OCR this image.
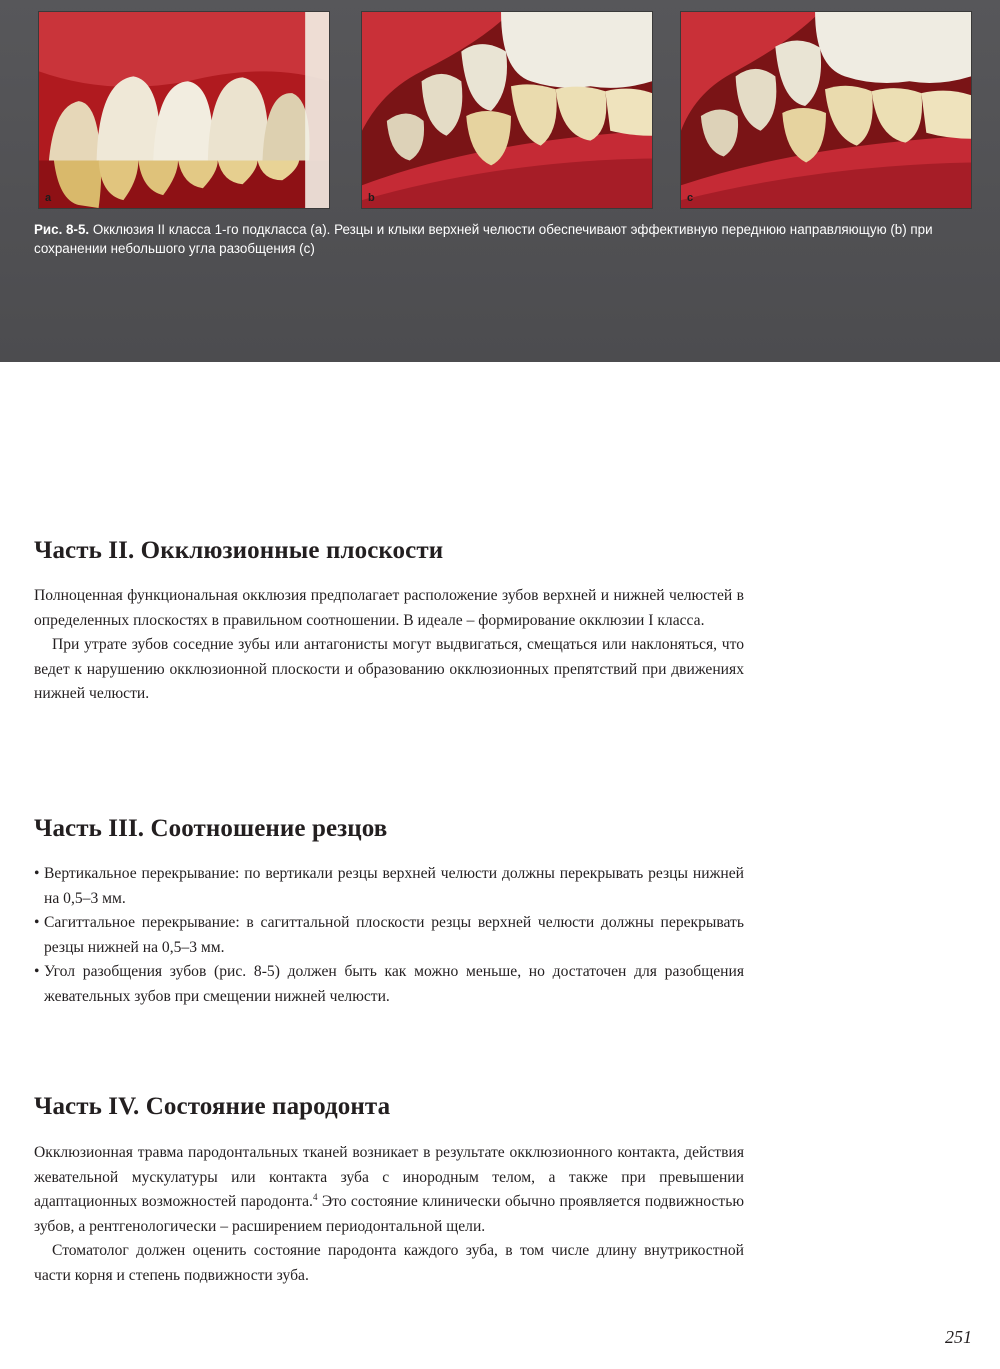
a	b	c
Рис. 8-5. Окклюзия II класса 1-го подкласса (a). Резцы и клыки верхней челюсти обеспечивают эффективную переднюю направляющую (b) при сохранении небольшого угла разобщения (c)
Часть II. Окклюзионные плоскости

Полноценная функциональная окклюзия предполагает расположение зубов верхней и нижней челюстей в определенных плоскостях в правильном соотношении. В идеале – формирование окклюзии I класса.

При утрате зубов соседние зубы или антагонисты могут выдвигаться, смещаться или наклоняться, что ведет к нарушению окклюзионной плоскости и образованию окклюзионных препятствий при движениях нижней челюсти.

Часть III. Соотношение резцов
• Вертикальное перекрывание: по вертикали резцы верхней челюсти должны перекрывать резцы нижней на 0,5–3 мм.
• Сагиттальное перекрывание: в сагиттальной плоскости резцы верхней челюсти должны перекрывать резцы нижней на 0,5–3 мм.
• Угол разобщения зубов (рис. 8-5) должен быть как можно меньше, но достаточен для разобщения жевательных зубов при смещении нижней челюсти.
Часть IV. Состояние пародонта

Окклюзионная травма пародонтальных тканей возникает в результате окклюзионного контакта, действия жевательной мускулатуры или контакта зуба с инородным телом, а также при превышении адаптационных возможностей пародонта.$^4$ Это состояние клинически обычно проявляется подвижностью зубов, а рентгенологически – расширением периодонтальной щели.

Стоматолог должен оценить состояние пародонта каждого зуба, в том числе длину внутрикостной части корня и степень подвижности зуба.

251
